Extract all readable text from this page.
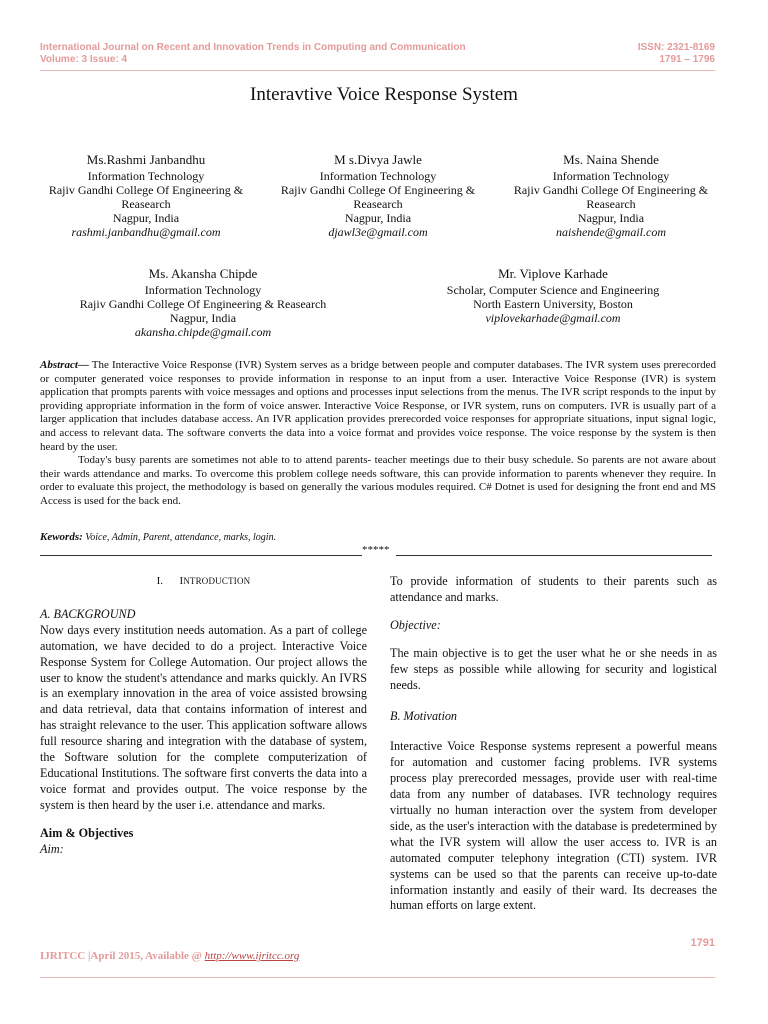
International Journal on Recent and Innovation Trends in Computing and Communication
Volume: 3 Issue: 4
ISSN: 2321-8169
1791 – 1796
Interavtive Voice Response System
Ms.Rashmi Janbandhu
Information Technology
Rajiv Gandhi College Of Engineering &
Reasearch
Nagpur, India
rashmi.janbandhu@gmail.com
M s.Divya Jawle
Information Technology
Rajiv Gandhi College Of Engineering &
Reasearch
Nagpur, India
djawl3e@gmail.com
Ms. Naina Shende
Information Technology
Rajiv Gandhi College Of Engineering &
Reasearch
Nagpur, India
naishende@gmail.com
Ms. Akansha Chipde
Information Technology
Rajiv Gandhi College Of Engineering & Reasearch
Nagpur, India
akansha.chipde@gmail.com
Mr. Viplove Karhade
Scholar, Computer Science and Engineering
North Eastern University, Boston
viplovekarhade@gmail.com

Abstract— The Interactive Voice Response (IVR) System serves as a bridge between people and computer databases. The IVR system uses prerecorded or computer generated voice responses to provide information in response to an input from a user. Interactive Voice Response (IVR) is system application that prompts parents with voice messages and options and processes input selections from the menus. The IVR script responds to the input by providing appropriate information in the form of voice answer. Interactive Voice Response, or IVR system, runs on computers. IVR is usually part of a larger application that includes database access. An IVR application provides prerecorded voice responses for appropriate situations, input signal logic, and access to relevant data. The software converts the data into a voice format and provides voice response. The voice response by the system is then heard by the user.

Today's busy parents are sometimes not able to to attend parents- teacher meetings due to their busy schedule. So parents are not aware about their wards attendance and marks. To overcome this problem college needs software, this can provide information to parents whenever they require. In order to evaluate this project, the methodology is based on generally the various modules required. C# Dotnet is used for designing the front end and MS Access is used for the back end.

Kewords: Voice, Admin, Parent, attendance, marks, login.
*****
I. INTRODUCTION

A. BACKGROUND

Now days every institution needs automation. As a part of college automation, we have decided to do a project. Interactive Voice Response System for College Automation. Our project allows the user to know the student's attendance and marks quickly. An IVRS is an exemplary innovation in the area of voice assisted browsing and data retrieval, data that contains information of interest and has straight relevance to the user. This application software allows full resource sharing and integration with the database of system, the Software solution for the complete computerization of Educational Institutions. The software first converts the data into a voice format and provides output. The voice response by the system is then heard by the user i.e. attendance and marks.

Aim & Objectives

Aim:

To provide information of students to their parents such as attendance and marks.

Objective:

The main objective is to get the user what he or she needs in as few steps as possible while allowing for security and logistical needs.

B. Motivation

Interactive Voice Response systems represent a powerful means for automation and customer facing problems. IVR systems process play prerecorded messages, provide user with real-time data from any number of databases. IVR technology requires virtually no human interaction over the system from developer side, as the user's interaction with the database is predetermined by what the IVR system will allow the user access to. IVR is an automated computer telephony integration (CTI) system. IVR systems can be used so that the parents can receive up-to-date information instantly and easily of their ward. Its decreases the human efforts on large extent.

1791
IJRITCC |April 2015, Available @ http://www.ijritcc.org
